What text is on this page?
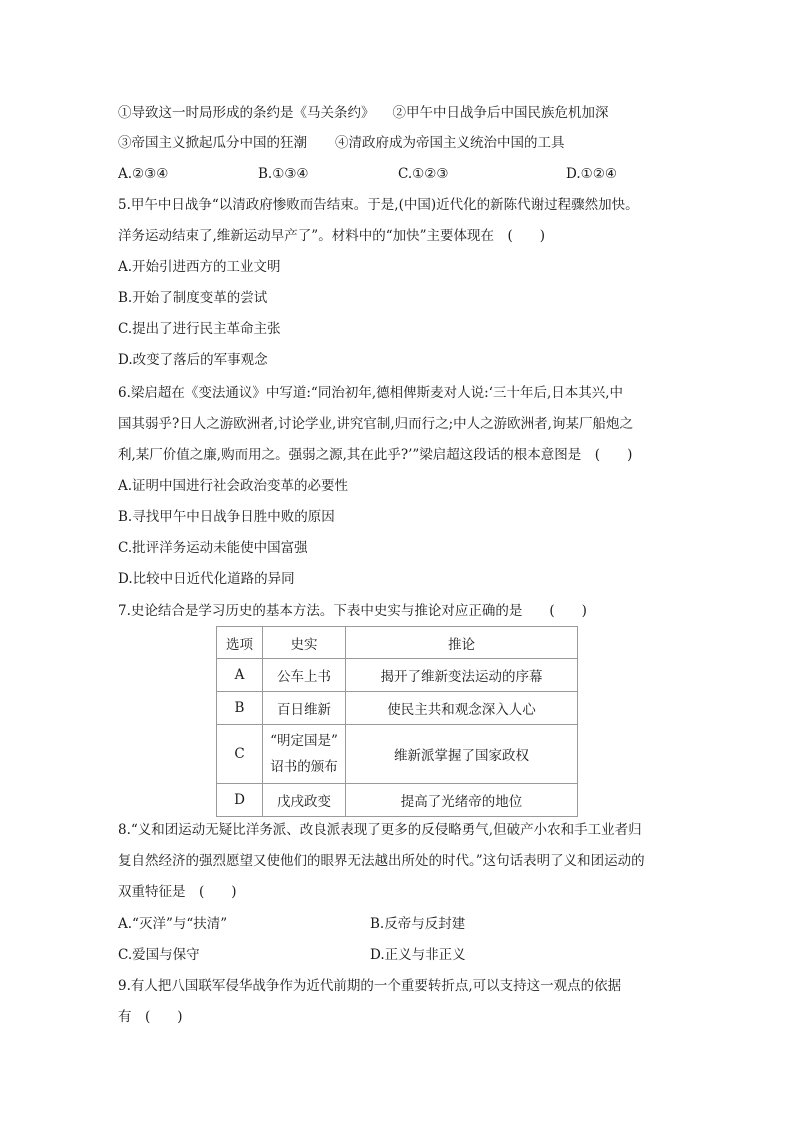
①导致这一时局形成的条约是《马关条约》 ②甲午中日战争后中国民族危机加深
③帝国主义掀起瓜分中国的狂潮 ④清政府成为帝国主义统治中国的工具
A.②③④	B.①③④	C.①②③	D.①②④
5.甲午中日战争“以清政府惨败而告结束。于是,(中国)近代化的新陈代谢过程骤然加快。
洋务运动结束了,维新运动早产了”。材料中的“加快”主要体现在　(　　)
A.开始引进西方的工业文明
B.开始了制度变革的尝试
C.提出了进行民主革命主张
D.改变了落后的军事观念
6.梁启超在《变法通议》中写道:“同治初年,德相俾斯麦对人说:‘三十年后,日本其兴,中
国其弱乎?日人之游欧洲者,讨论学业,讲究官制,归而行之;中人之游欧洲者,询某厂船炮之
利,某厂价值之廉,购而用之。强弱之源,其在此乎?’”梁启超这段话的根本意图是　(　　)
A.证明中国进行社会政治变革的必要性
B.寻找甲午中日战争日胜中败的原因
C.批评洋务运动未能使中国富强
D.比较中日近代化道路的异同
7.史论结合是学习历史的基本方法。下表中史实与推论对应正确的是　　(　　)
选项	史实	推论
A	公车上书	揭开了维新变法运动的序幕
B	百日维新	使民主共和观念深入人心
C	“明定国是”
诏书的颁布	维新派掌握了国家政权
D	戊戌政变	提高了光绪帝的地位
8.“义和团运动无疑比洋务派、改良派表现了更多的反侵略勇气,但破产小农和手工业者归
复自然经济的强烈愿望又使他们的眼界无法越出所处的时代。”这句话表明了义和团运动的
双重特征是　(　　)
A.“灭洋”与“扶清”	B.反帝与反封建
C.爱国与保守	D.正义与非正义
9.有人把八国联军侵华战争作为近代前期的一个重要转折点,可以支持这一观点的依据
有　(　　)
